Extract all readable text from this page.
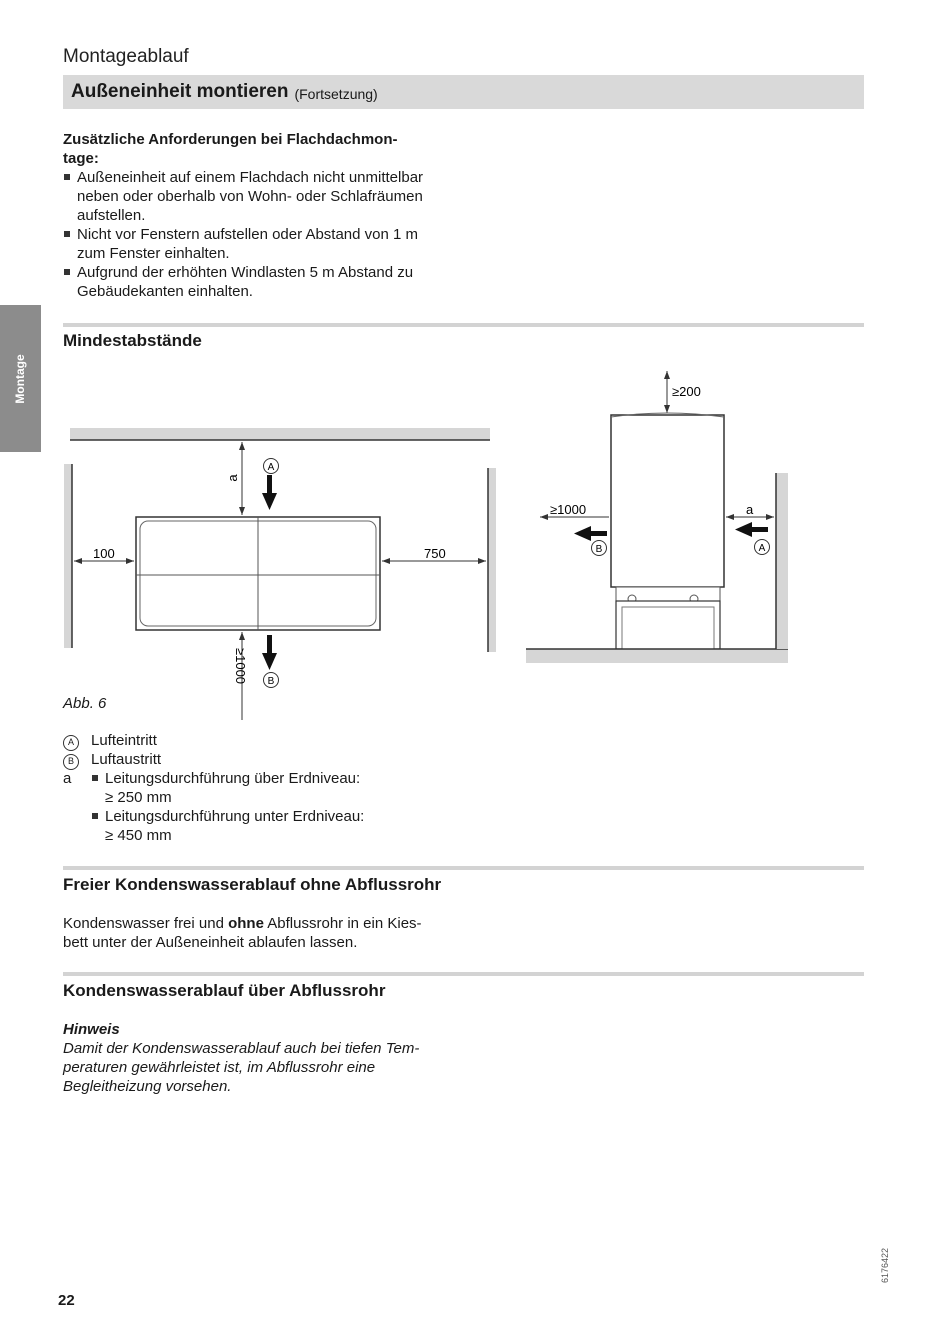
Montageablauf
Außeneinheit montieren (Fortsetzung)
Montage
Zusätzliche Anforderungen bei Flachdachmon-
tage:
Außeneinheit auf einem Flachdach nicht unmittelbar
neben oder oberhalb von Wohn- oder Schlafräumen
aufstellen.
Nicht vor Fenstern aufstellen oder Abstand von 1 m
zum Fenster einhalten.
Aufgrund der erhöhten Windlasten 5 m Abstand zu
Gebäudekanten einhalten.
Mindestabstände
a
A
100	750
≥1000 B
≥200
≥1000
B
a
A
Abb. 6
A	Lufteintritt
B	Luftaustritt
a	Leitungsdurchführung über Erdniveau:
≥ 250 mm
Leitungsdurchführung unter Erdniveau:
≥ 450 mm
Freier Kondenswasserablauf ohne Abflussrohr
Kondenswasser frei und ohne Abflussrohr in ein Kies-
bett unter der Außeneinheit ablaufen lassen.
Kondenswasserablauf über Abflussrohr
Hinweis
Damit der Kondenswasserablauf auch bei tiefen Tem-
peraturen gewährleistet ist, im Abflussrohr eine
Begleitheizung vorsehen.
22
6176422
